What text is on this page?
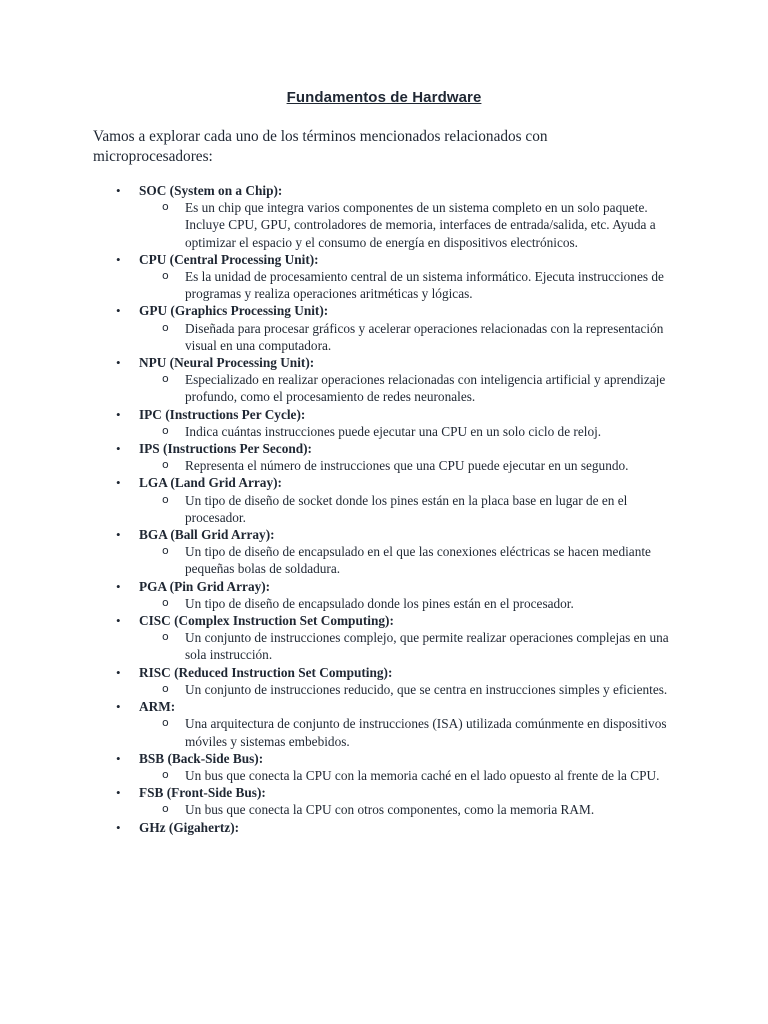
Fundamentos de Hardware
Vamos a explorar cada uno de los términos mencionados relacionados con microprocesadores:
• SOC (System on a Chip):
o Es un chip que integra varios componentes de un sistema completo en un solo paquete. Incluye CPU, GPU, controladores de memoria, interfaces de entrada/salida, etc. Ayuda a optimizar el espacio y el consumo de energía en dispositivos electrónicos.
• CPU (Central Processing Unit):
o Es la unidad de procesamiento central de un sistema informático. Ejecuta instrucciones de programas y realiza operaciones aritméticas y lógicas.
• GPU (Graphics Processing Unit):
o Diseñada para procesar gráficos y acelerar operaciones relacionadas con la representación visual en una computadora.
• NPU (Neural Processing Unit):
o Especializado en realizar operaciones relacionadas con inteligencia artificial y aprendizaje profundo, como el procesamiento de redes neuronales.
• IPC (Instructions Per Cycle):
o Indica cuántas instrucciones puede ejecutar una CPU en un solo ciclo de reloj.
• IPS (Instructions Per Second):
o Representa el número de instrucciones que una CPU puede ejecutar en un segundo.
• LGA (Land Grid Array):
o Un tipo de diseño de socket donde los pines están en la placa base en lugar de en el procesador.
• BGA (Ball Grid Array):
o Un tipo de diseño de encapsulado en el que las conexiones eléctricas se hacen mediante pequeñas bolas de soldadura.
• PGA (Pin Grid Array):
o Un tipo de diseño de encapsulado donde los pines están en el procesador.
• CISC (Complex Instruction Set Computing):
o Un conjunto de instrucciones complejo, que permite realizar operaciones complejas en una sola instrucción.
• RISC (Reduced Instruction Set Computing):
o Un conjunto de instrucciones reducido, que se centra en instrucciones simples y eficientes.
• ARM:
o Una arquitectura de conjunto de instrucciones (ISA) utilizada comúnmente en dispositivos móviles y sistemas embebidos.
• BSB (Back-Side Bus):
o Un bus que conecta la CPU con la memoria caché en el lado opuesto al frente de la CPU.
• FSB (Front-Side Bus):
o Un bus que conecta la CPU con otros componentes, como la memoria RAM.
• GHz (Gigahertz):
